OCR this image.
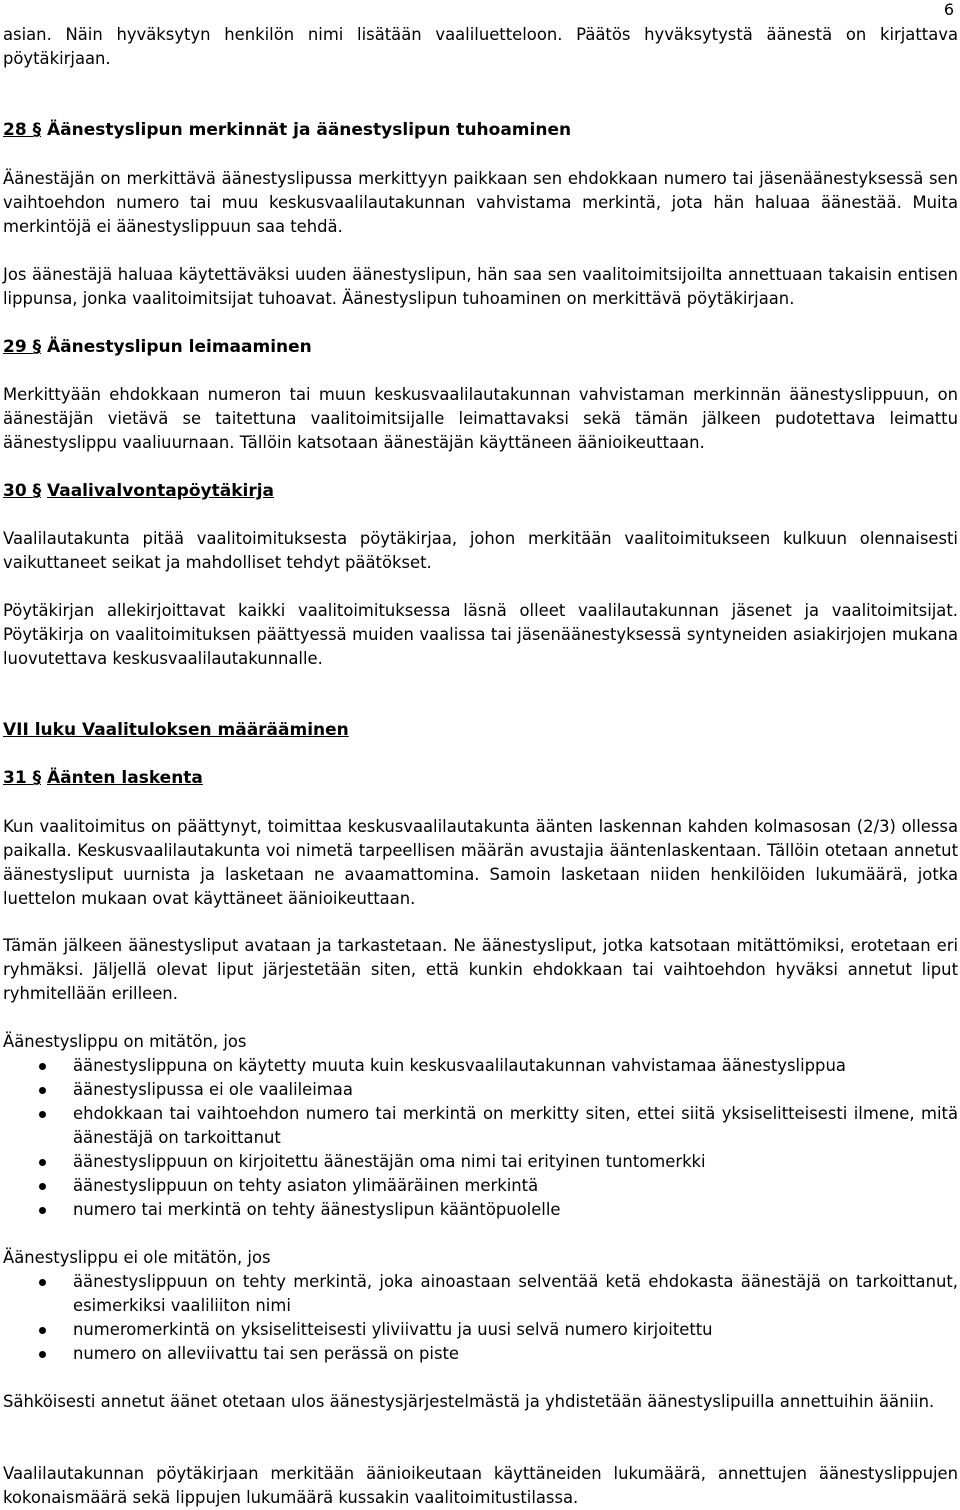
6

asian. Näin hyväksytyn henkilön nimi lisätään vaaliluetteloon. Päätös hyväksytystä äänestä on kirjattava pöytäkirjaan.

28 § Äänestyslipun merkinnät ja äänestyslipun tuhoaminen

Äänestäjän on merkittävä äänestyslipussa merkittyyn paikkaan sen ehdokkaan numero tai jäsenäänestyksessä sen vaihtoehdon numero tai muu keskusvaalilautakunnan vahvistama merkintä, jota hän haluaa äänestää. Muita merkintöjä ei äänestyslippuun saa tehdä.

Jos äänestäjä haluaa käytettäväksi uuden äänestyslipun, hän saa sen vaalitoimitsijoilta annettuaan takaisin entisen lippunsa, jonka vaalitoimitsijat tuhoavat. Äänestyslipun tuhoaminen on merkittävä pöytäkirjaan.

29 § Äänestyslipun leimaaminen

Merkittyään ehdokkaan numeron tai muun keskusvaalilautakunnan vahvistaman merkinnän äänestyslippuun, on äänestäjän vietävä se taitettuna vaalitoimitsijalle leimattavaksi sekä tämän jälkeen pudotettava leimattu äänestyslippu vaaliuurnaan. Tällöin katsotaan äänestäjän käyttäneen äänioikeuttaan.

30 § Vaalivalvontapöytäkirja

Vaalilautakunta pitää vaalitoimituksesta pöytäkirjaa, johon merkitään vaalitoimitukseen kulkuun olennaisesti vaikuttaneet seikat ja mahdolliset tehdyt päätökset.

Pöytäkirjan allekirjoittavat kaikki vaalitoimituksessa läsnä olleet vaalilautakunnan jäsenet ja vaalitoimitsijat. Pöytäkirja on vaalitoimituksen päättyessä muiden vaalissa tai jäsenäänestyksessä syntyneiden asiakirjojen mukana luovutettava keskusvaalilautakunnalle.

VII luku Vaalituloksen määrääminen
31 § Äänten laskenta

Kun vaalitoimitus on päättynyt, toimittaa keskusvaalilautakunta äänten laskennan kahden kolmasosan (2/3) ollessa paikalla. Keskusvaalilautakunta voi nimetä tarpeellisen määrän avustajia ääntenlaskentaan. Tällöin otetaan annetut äänestysliput uurnista ja lasketaan ne avaamattomina. Samoin lasketaan niiden henkilöiden lukumäärä, jotka luettelon mukaan ovat käyttäneet äänioikeuttaan.

Tämän jälkeen äänestysliput avataan ja tarkastetaan. Ne äänestysliput, jotka katsotaan mitättömiksi, erotetaan eri ryhmäksi. Jäljellä olevat liput järjestetään siten, että kunkin ehdokkaan tai vaihtoehdon hyväksi annetut liput ryhmitellään erilleen.

Äänestyslippu on mitätön, jos

äänestyslippuna on käytetty muuta kuin keskusvaalilautakunnan vahvistamaa äänestyslippua
äänestyslipussa ei ole vaalileimaa
ehdokkaan tai vaihtoehdon numero tai merkintä on merkitty siten, ettei siitä yksiselitteisesti ilmene, mitä äänestäjä on tarkoittanut
äänestyslippuun on kirjoitettu äänestäjän oma nimi tai erityinen tuntomerkki
äänestyslippuun on tehty asiaton ylimääräinen merkintä
numero tai merkintä on tehty äänestyslipun kääntöpuolelle

Äänestyslippu ei ole mitätön, jos

äänestyslippuun on tehty merkintä, joka ainoastaan selventää ketä ehdokasta äänestäjä on tarkoittanut, esimerkiksi vaaliliiton nimi
numeromerkintä on yksiselitteisesti yliviivattu ja uusi selvä numero kirjoitettu
numero on alleviivattu tai sen perässä on piste

Sähköisesti annetut äänet otetaan ulos äänestysjärjestelmästä ja yhdistetään äänestyslipuilla annettuihin ääniin.

Vaalilautakunnan pöytäkirjaan merkitään äänioikeutaan käyttäneiden lukumäärä, annettujen äänestyslippujen kokonaismäärä sekä lippujen lukumäärä kussakin vaalitoimitustilassa.
